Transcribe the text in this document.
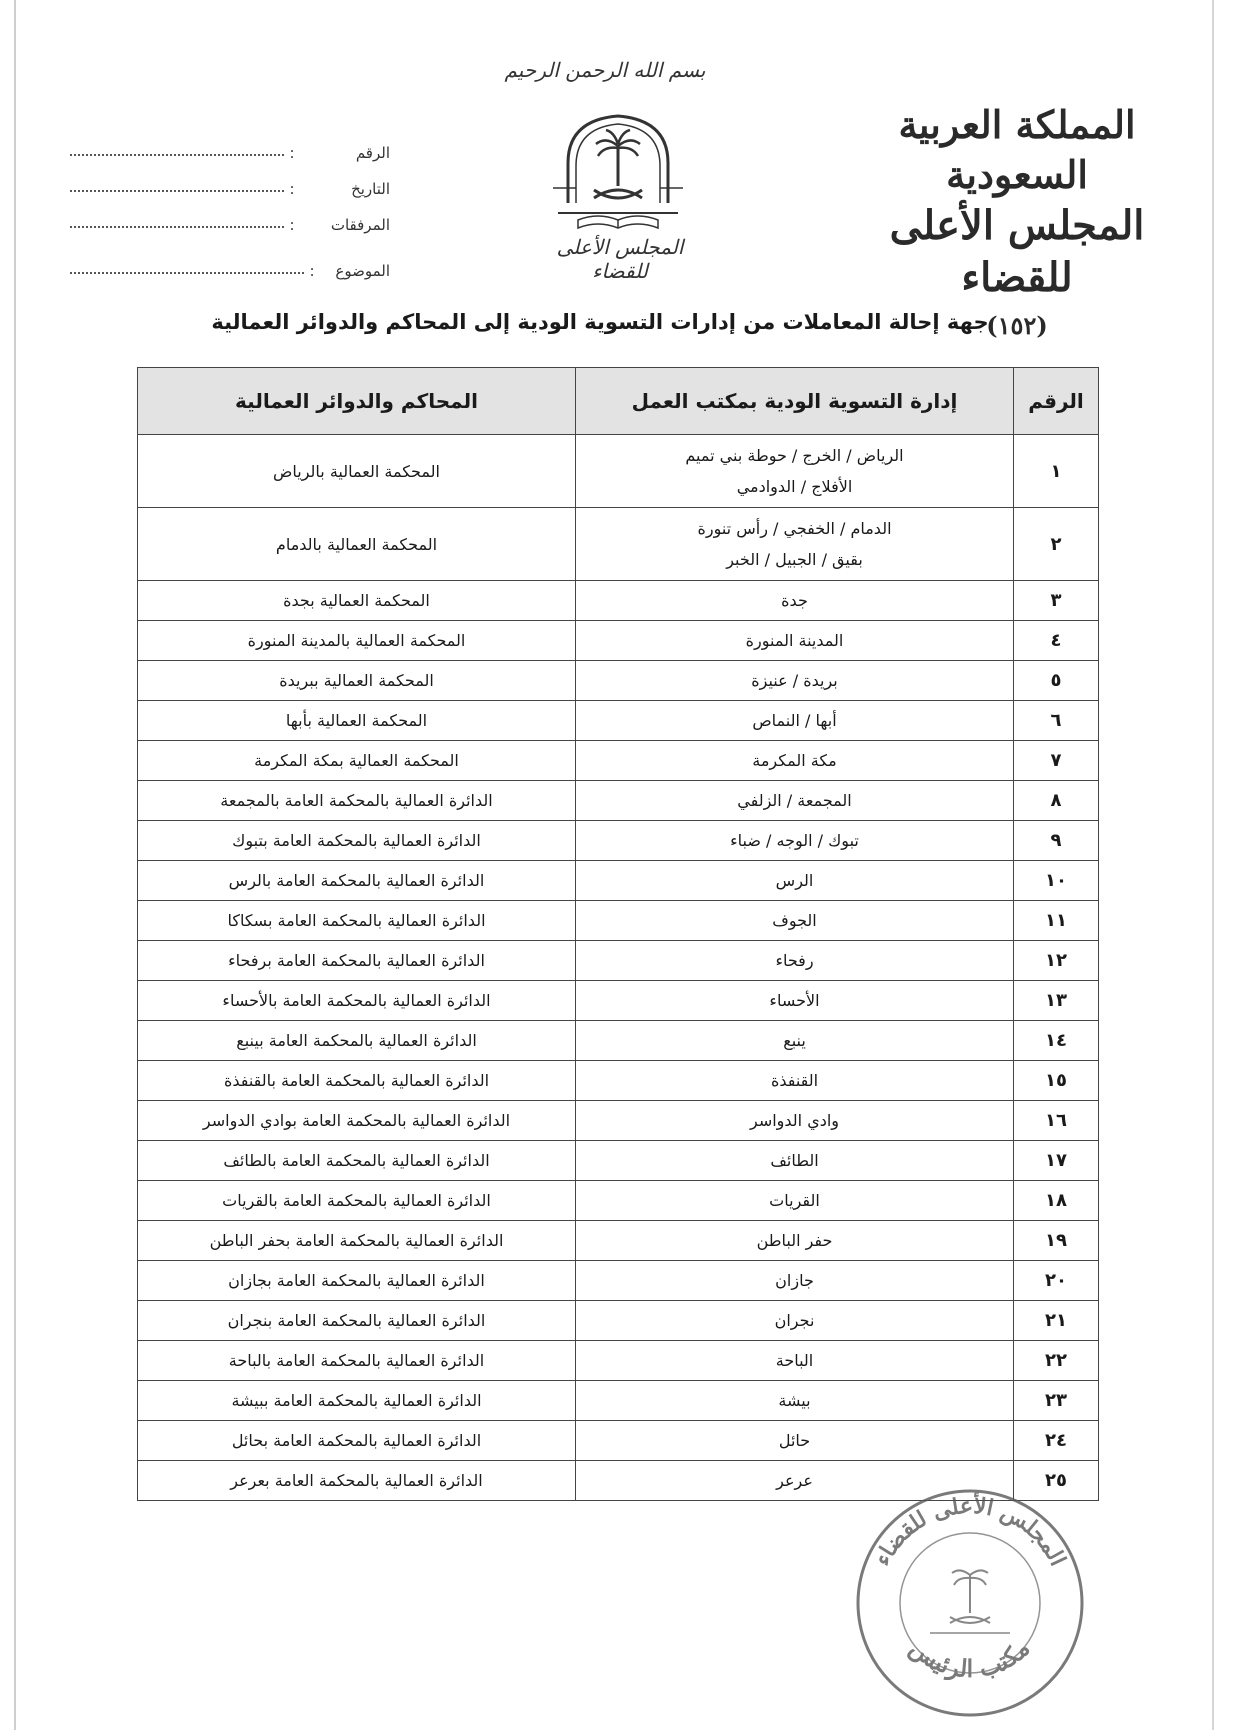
بسم الله الرحمن الرحيم
المملكة العربية السعودية
المجلس الأعلى للقضاء
(١٥٢)
المجلس الأعلى للقضاء
الرقم
:
التاريخ
:
المرفقات
:
الموضوع
:
جهة إحالة المعاملات من إدارات التسوية الودية إلى المحاكم والدوائر العمالية
الرقم	إدارة التسوية الودية بمكتب العمل	المحاكم والدوائر العمالية
١	الرياض / الخرج / حوطة بني تميم
الأفلاج / الدوادمي	المحكمة العمالية بالرياض
٢	الدمام / الخفجي / رأس تنورة
بقيق / الجبيل / الخبر	المحكمة العمالية بالدمام
٣	جدة	المحكمة العمالية بجدة
٤	المدينة المنورة	المحكمة العمالية بالمدينة المنورة
٥	بريدة / عنيزة	المحكمة العمالية ببريدة
٦	أبها / النماص	المحكمة العمالية بأبها
٧	مكة المكرمة	المحكمة العمالية بمكة المكرمة
٨	المجمعة / الزلفي	الدائرة العمالية بالمحكمة العامة بالمجمعة
٩	تبوك / الوجه / ضباء	الدائرة العمالية بالمحكمة العامة بتبوك
١٠	الرس	الدائرة العمالية بالمحكمة العامة بالرس
١١	الجوف	الدائرة العمالية بالمحكمة العامة بسكاكا
١٢	رفحاء	الدائرة العمالية بالمحكمة العامة برفحاء
١٣	الأحساء	الدائرة العمالية بالمحكمة العامة بالأحساء
١٤	ينبع	الدائرة العمالية بالمحكمة العامة بينبع
١٥	القنفذة	الدائرة العمالية بالمحكمة العامة بالقنفذة
١٦	وادي الدواسر	الدائرة العمالية بالمحكمة العامة بوادي الدواسر
١٧	الطائف	الدائرة العمالية بالمحكمة العامة بالطائف
١٨	القريات	الدائرة العمالية بالمحكمة العامة بالقريات
١٩	حفر الباطن	الدائرة العمالية بالمحكمة العامة بحفر الباطن
٢٠	جازان	الدائرة العمالية بالمحكمة العامة بجازان
٢١	نجران	الدائرة العمالية بالمحكمة العامة بنجران
٢٢	الباحة	الدائرة العمالية بالمحكمة العامة بالباحة
٢٣	بيشة	الدائرة العمالية بالمحكمة العامة ببيشة
٢٤	حائل	الدائرة العمالية بالمحكمة العامة بحائل
٢٥	عرعر	الدائرة العمالية بالمحكمة العامة بعرعر
المجلس الأعلى للقضاء
مكتب الرئيس
